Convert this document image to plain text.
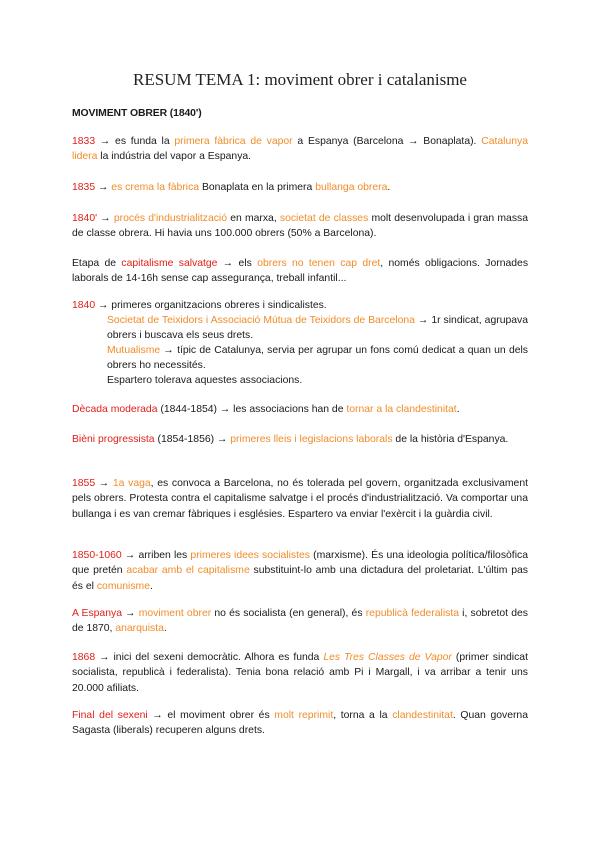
RESUM TEMA 1: moviment obrer i catalanisme
MOVIMENT OBRER (1840')
1833 → es funda la primera fàbrica de vapor a Espanya (Barcelona → Bonaplata). Catalunya lidera la indústria del vapor a Espanya.
1835 → es crema la fàbrica Bonaplata en la primera bullanga obrera.
1840' → procés d'industrialització en marxa, societat de classes molt desenvolupada i gran massa de classe obrera. Hi havia uns 100.000 obrers (50% a Barcelona).
Etapa de capitalisme salvatge → els obrers no tenen cap dret, només obligacions. Jornades laborals de 14-16h sense cap assegurança, treball infantil...
1840 → primeres organitzacions obreres i sindicalistes.
Societat de Teixidors i Associació Mútua de Teixidors de Barcelona → 1r sindicat, agrupava obrers i buscava els seus drets.
Mutualisme → típic de Catalunya, servia per agrupar un fons comú dedicat a quan un dels obrers ho necessités.
Espartero tolerava aquestes associacions.
Dècada moderada (1844-1854) → les associacions han de tornar a la clandestinitat.
Bièni progressista (1854-1856) → primeres lleis i legislacions laborals de la història d'Espanya.
1855 → 1a vaga, es convoca a Barcelona, no és tolerada pel govern, organitzada exclusivament pels obrers. Protesta contra el capitalisme salvatge i el procés d'industrialització. Va comportar una bullanga i es van cremar fàbriques i esglésies. Espartero va enviar l'exèrcit i la guàrdia civil.
1850-1060 → arriben les primeres idees socialistes (marxisme). És una ideologia política/filosòfica que pretén acabar amb el capitalisme substituint-lo amb una dictadura del proletariat. L'últim pas és el comunisme.
A Espanya → moviment obrer no és socialista (en general), és republicà federalista i, sobretot des de 1870, anarquista.
1868 → inici del sexeni democràtic. Alhora es funda Les Tres Classes de Vapor (primer sindicat socialista, republicà i federalista). Tenia bona relació amb Pi i Margall, i va arribar a tenir uns 20.000 afiliats.
Final del sexeni → el moviment obrer és molt reprimit, torna a la clandestinitat. Quan governa Sagasta (liberals) recuperen alguns drets.
